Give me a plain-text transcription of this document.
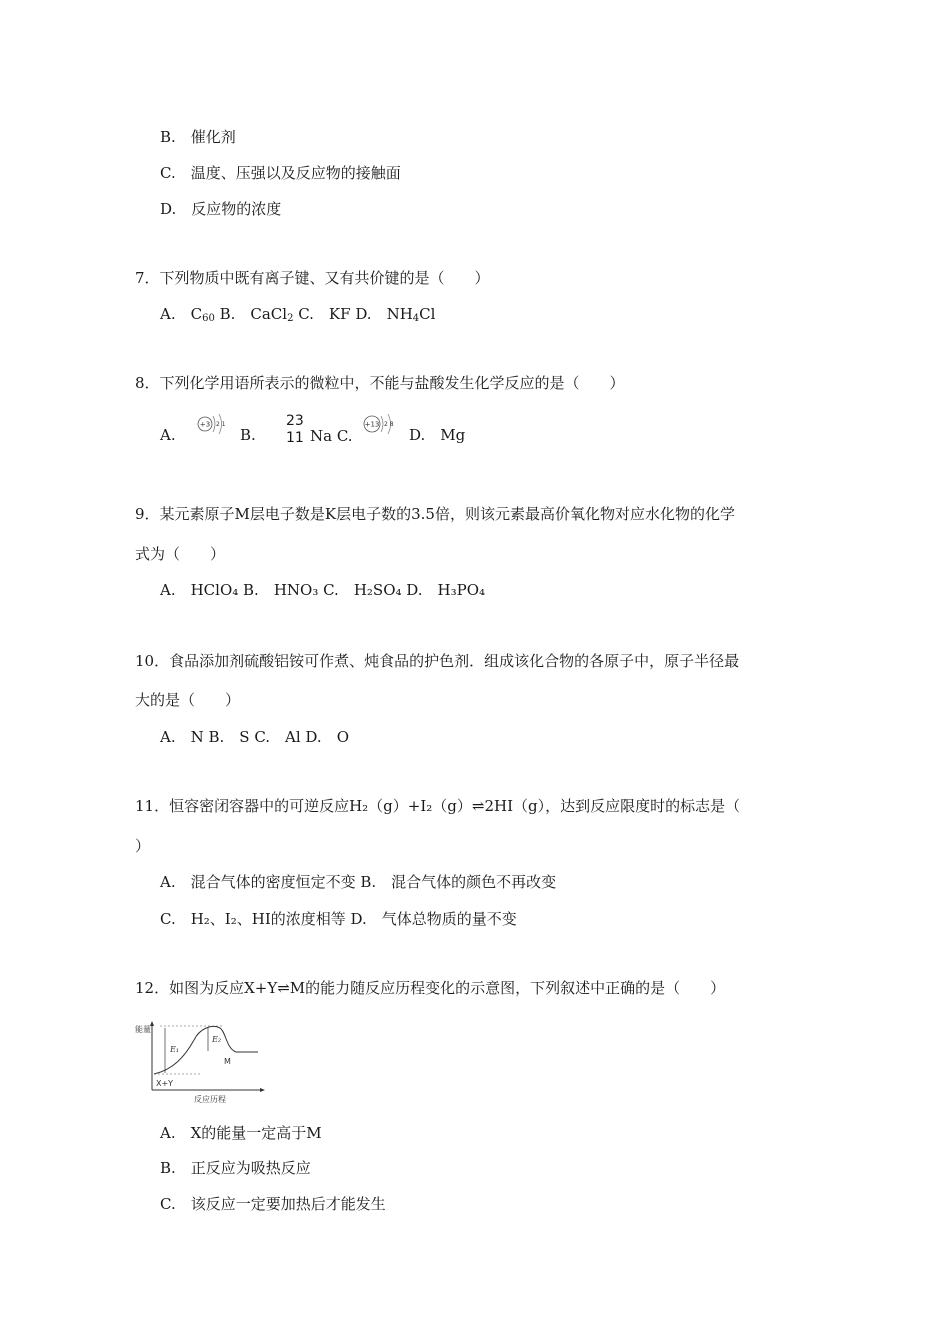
B.　催化剂
C.　温度、压强以及反应物的接触面
D.　反应物的浓度
7．下列物质中既有离子键、又有共价键的是（　　）
A.　$C_{60}$ B.　CaCl$_2$ C.　KF D.　$NH_4Cl$
8．下列化学用语所表示的微粒中，不能与盐酸发生化学反应的是（　　）
A.
+3 2 1
B.
23
11 Na C.
+13 2 8
D.　Mg
9．某元素原子M层电子数是K层电子数的3.5倍，则该元素最高价氧化物对应水化物的化学
式为（　　）
A.　HClO₄ B.　HNO₃ C.　H₂SO₄ D.　H₃PO₄
10．食品添加剂硫酸铝铵可作煮、炖食品的护色剂．组成该化合物的各原子中，原子半径最
大的是（　　）
A.　N B.　S C.　Al D.　O
11．恒容密闭容器中的可逆反应H₂（g）+I₂（g）⇌2HI（g），达到反应限度时的标志是（
）
A.　混合气体的密度恒定不变 B.　混合气体的颜色不再改变
C.　H₂、I₂、HI的浓度相等 D.　气体总物质的量不变
12．如图为反应X+Y⇌M的能力随反应历程变化的示意图，下列叙述中正确的是（　　）
能量
E₁
E₂
M
X+Y
反应历程
A.　X的能量一定高于M
B.　正反应为吸热反应
C.　该反应一定要加热后才能发生
